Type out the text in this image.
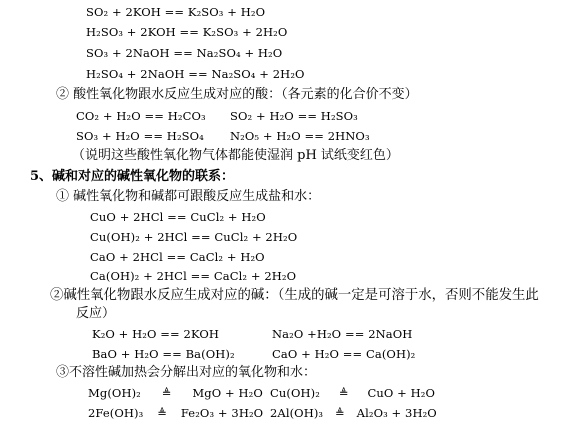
SO₂ + 2KOH == K₂SO₃ + H₂O
H₂SO₃ + 2KOH == K₂SO₃ + 2H₂O
SO₃ + 2NaOH == Na₂SO₄ + H₂O
H₂SO₄ + 2NaOH == Na₂SO₄ + 2H₂O
② 酸性氧化物跟水反应生成对应的酸：（各元素的化合价不变）
CO₂ + H₂O == H₂CO₃ SO₂ + H₂O == H₂SO₃
SO₃ + H₂O == H₂SO₄ N₂O₅ + H₂O == 2HNO₃
（说明这些酸性氧化物气体都能使湿润 pH 试纸变红色）
5、碱和对应的碱性氧化物的联系：
① 碱性氧化物和碱都可跟酸反应生成盐和水：
CuO + 2HCl == CuCl₂ + H₂O
Cu(OH)₂ + 2HCl == CuCl₂ + 2H₂O
CaO + 2HCl == CaCl₂ + H₂O
Ca(OH)₂ + 2HCl == CaCl₂ + 2H₂O
②碱性氧化物跟水反应生成对应的碱：（生成的碱一定是可溶于水，否则不能发生此
反应）
K₂O + H₂O == 2KOH	Na₂O +H₂O == 2NaOH
BaO + H₂O == Ba(OH)₂	CaO + H₂O == Ca(OH)₂
③不溶性碱加热会分解出对应的氧化物和水：
Mg(OH)₂ ≜ MgO + H₂O Cu(OH)₂ ≜ CuO + H₂O
2Fe(OH)₃ ≜ Fe₂O₃ + 3H₂O 2Al(OH)₃ ≜ Al₂O₃ + 3H₂O
